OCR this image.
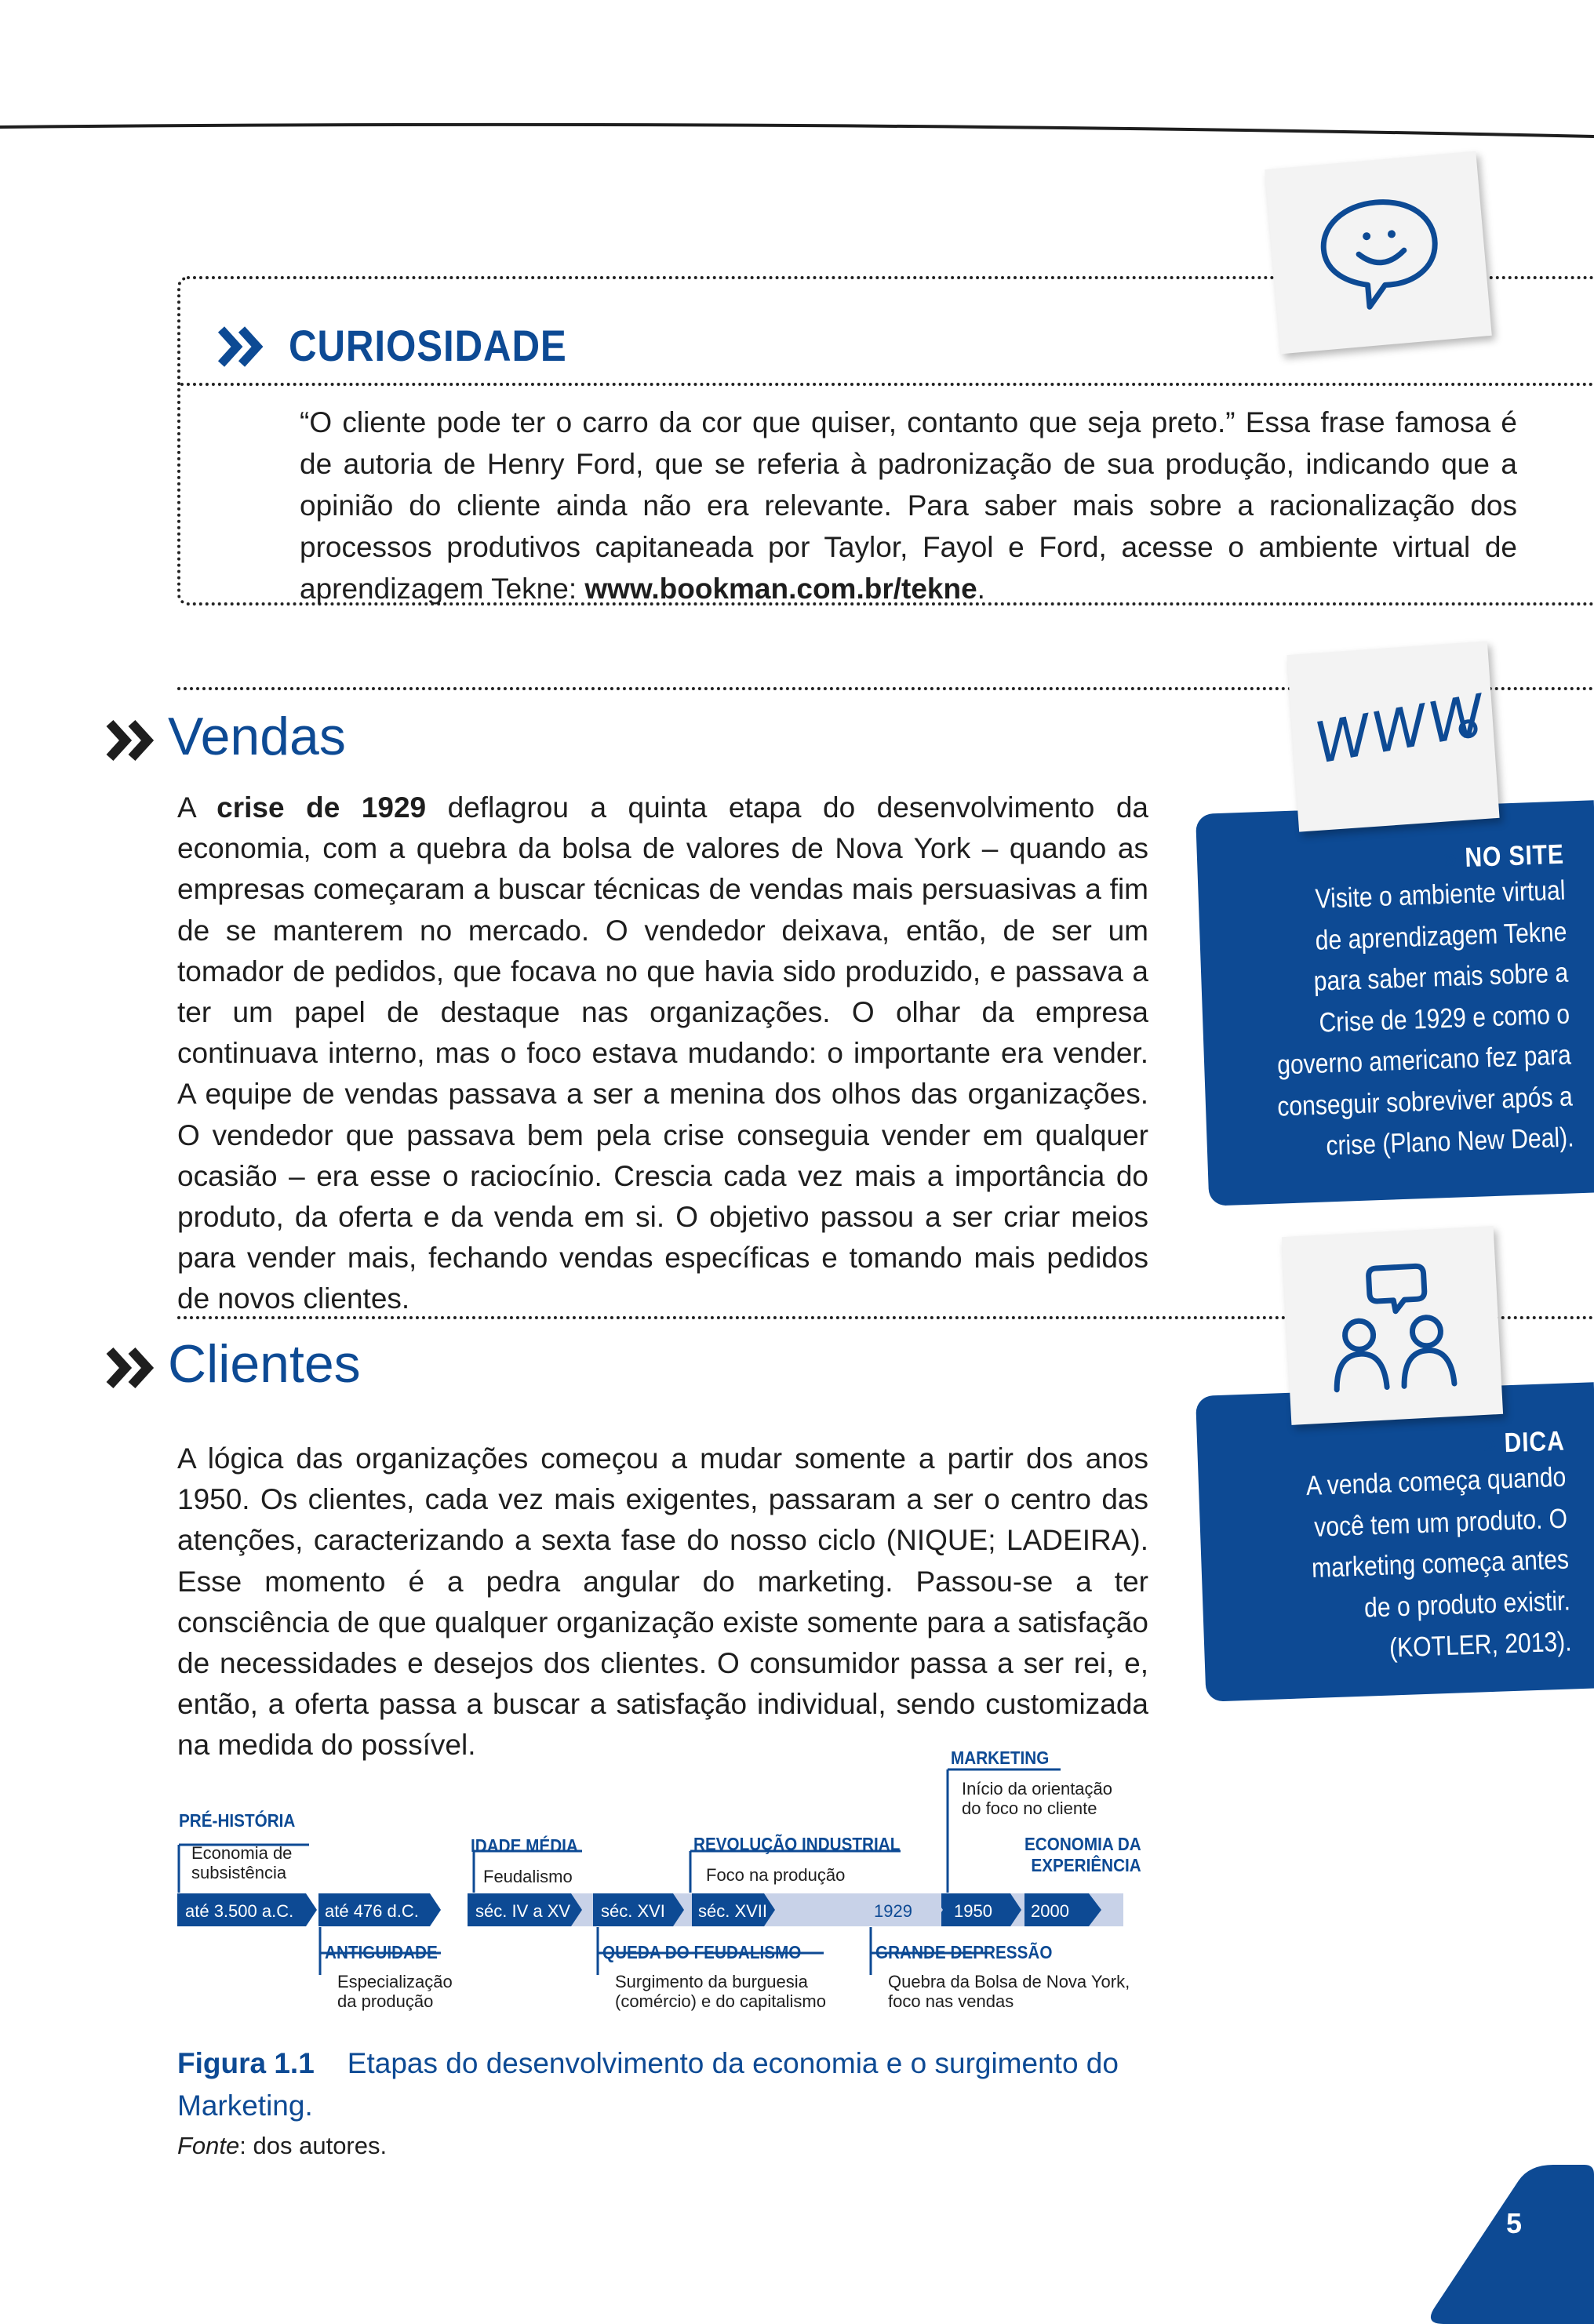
CURIOSIDADE
“O cliente pode ter o carro da cor que quiser, contanto que seja preto.” Essa frase famosa é de autoria de Henry Ford, que se referia à padronização de sua produção, indicando que a opinião do cliente ainda não era relevante. Para saber mais sobre a racionalização dos processos produtivos capitaneada por Taylor, Fayol e Ford, acesse o ambiente virtual de aprendizagem Tekne: www.bookman.com.br/tekne.
Vendas
A crise de 1929 deflagrou a quinta etapa do desenvolvimento da economia, com a quebra da bolsa de valores de Nova York – quando as empresas começaram a buscar técnicas de vendas mais persuasivas a fim de se manterem no mercado. O vendedor deixava, então, de ser um tomador de pedidos, que focava no que havia sido produzido, e passava a ter um papel de destaque nas organizações. O olhar da empresa continuava interno, mas o foco estava mudando: o importante era vender. A equipe de vendas passava a ser a menina dos olhos das organizações. O vendedor que passava bem pela crise conseguia vender em qualquer ocasião – era esse o raciocínio. Crescia cada vez mais a importância do produto, da oferta e da venda em si. O objetivo passou a ser criar meios para vender mais, fechando vendas específicas e tomando mais pedidos de novos clientes.
» NO SITE
Visite o ambiente virtual
de aprendizagem Tekne
para saber mais sobre a
Crise de 1929 e como o
governo americano fez para
conseguir sobreviver após a
crise (Plano New Deal).
WWW
Clientes
A lógica das organizações começou a mudar somente a partir dos anos 1950. Os clientes, cada vez mais exigentes, passaram a ser o centro das atenções, caracterizando a sexta fase do nosso ciclo (NIQUE; LADEIRA). Esse momento é a pedra angular do marketing. Passou-se a ter consciência de que qualquer organização existe somente para a satisfação de necessidades e desejos dos clientes. O consumidor passa a ser rei, e, então, a oferta passa a buscar a satisfação individual, sendo customizada na medida do possível.
» DICA
A venda começa quando
você tem um produto. O
marketing começa antes
de o produto existir.
(KOTLER, 2013).
até 3.500 a.C. até 476 d.C.	séc. IV a XV séc. XVI séc. XVII	1929 1950 2000
PRÉ-HISTÓRIA
Economia de
subsistência
IDADE MÉDIA
Feudalismo
REVOLUÇÃO INDUSTRIAL
Foco na produção
MARKETING
Início da orientação
do foco no cliente
ECONOMIA DA
EXPERIÊNCIA
ANTIGUIDADE
Especialização
da produção
QUEDA DO FEUDALISMO
Surgimento da burguesia
(comércio) e do capitalismo
GRANDE DEPRESSÃO
Quebra da Bolsa de Nova York,
foco nas vendas
Figura 1.1 Etapas do desenvolvimento da economia e o surgimento do Marketing.
Fonte: dos autores.
5
